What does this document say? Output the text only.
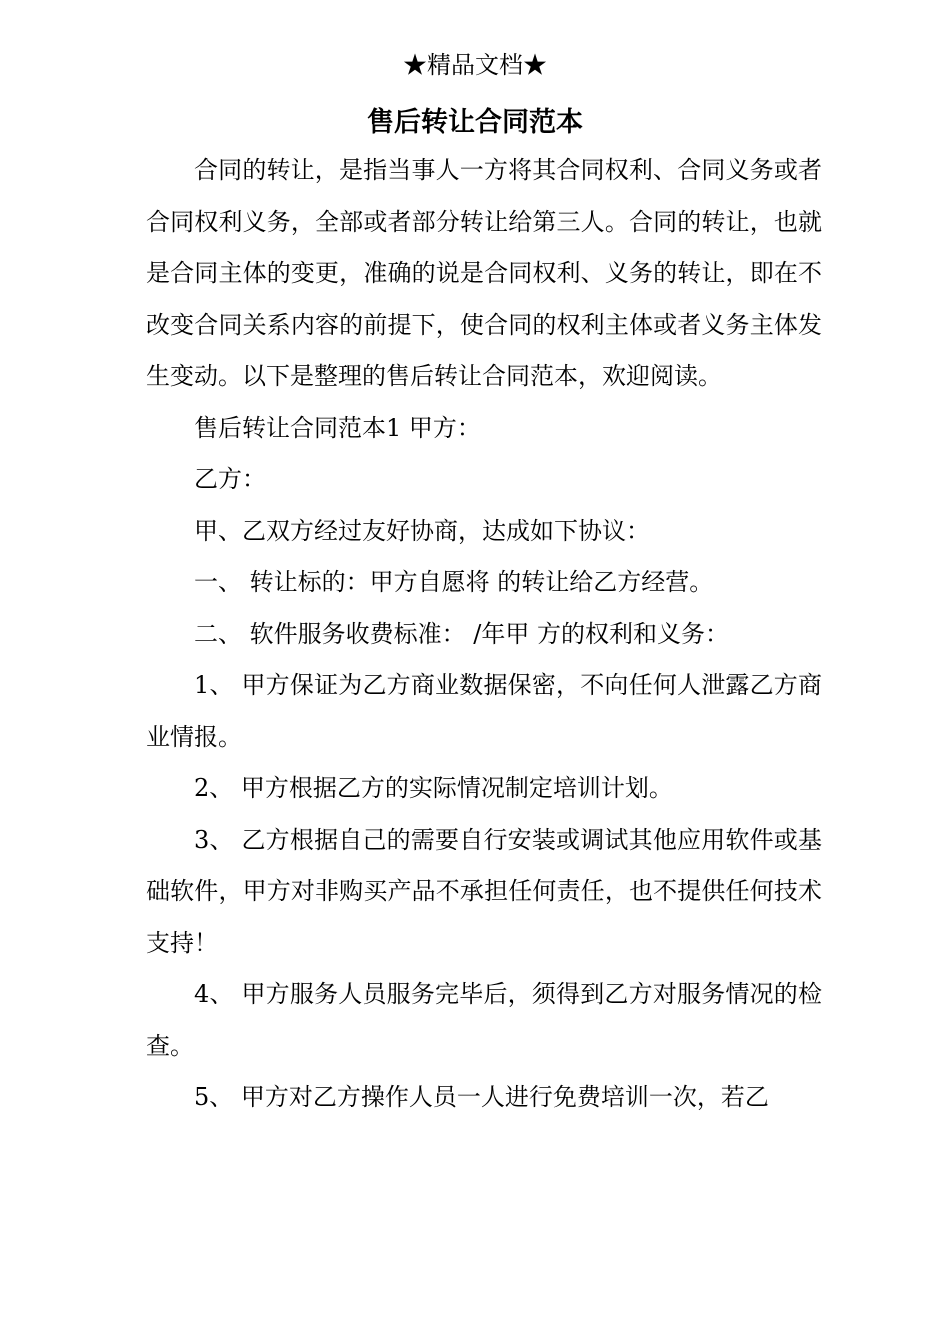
★精品文档★
售后转让合同范本

合同的转让，是指当事人一方将其合同权利、合同义务或者合同权利义务，全部或者部分转让给第三人。合同的转让，也就是合同主体的变更，准确的说是合同权利、义务的转让，即在不改变合同关系内容的前提下，使合同的权利主体或者义务主体发生变动。以下是整理的售后转让合同范本，欢迎阅读。

售后转让合同范本1 甲方：

乙方：

甲、乙双方经过友好协商，达成如下协议：

一、 转让标的：甲方自愿将 的转让给乙方经营。

二、 软件服务收费标准： /年甲 方的权利和义务：

1、 甲方保证为乙方商业数据保密，不向任何人泄露乙方商业情报。

2、 甲方根据乙方的实际情况制定培训计划。

3、 乙方根据自己的需要自行安装或调试其他应用软件或基础软件，甲方对非购买产品不承担任何责任，也不提供任何技术支持！

4、 甲方服务人员服务完毕后，须得到乙方对服务情况的检查。

5、 甲方对乙方操作人员一人进行免费培训一次，若乙
